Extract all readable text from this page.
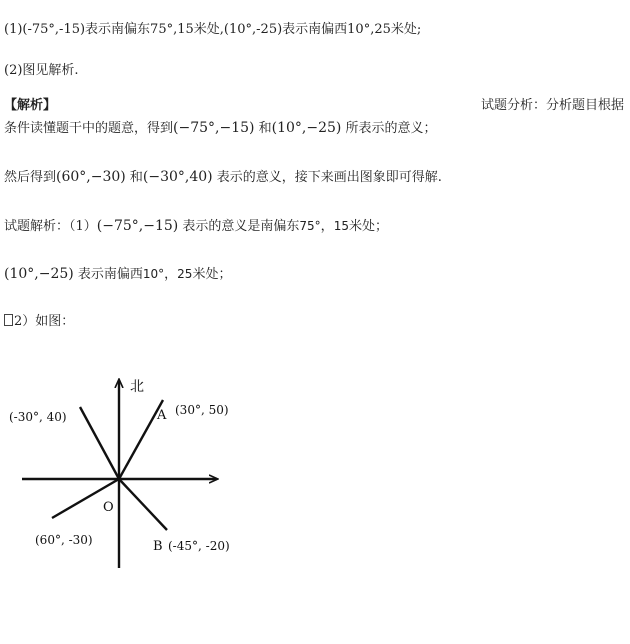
(1)(-75°,-15)表示南偏东75°,15米处,(10°,-25)表示南偏西10°,25米处;
(2)图见解析.
【解析】	试题分析：分析题目根据
条件读懂题干中的题意，得到(−75°,−15) 和(10°,−25) 所表示的意义；
然后得到(60°,−30) 和(−30°,40) 表示的意义，接下来画出图象即可得解.
试题解析：（1）(−75°,−15) 表示的意义是南偏东75°，15米处；
(10°,−25) 表示南偏西10°，25米处；
2）如图：
北
O
A (30°, 50)
(-30°, 40)
(60°, -30)	B (-45°, -20)
